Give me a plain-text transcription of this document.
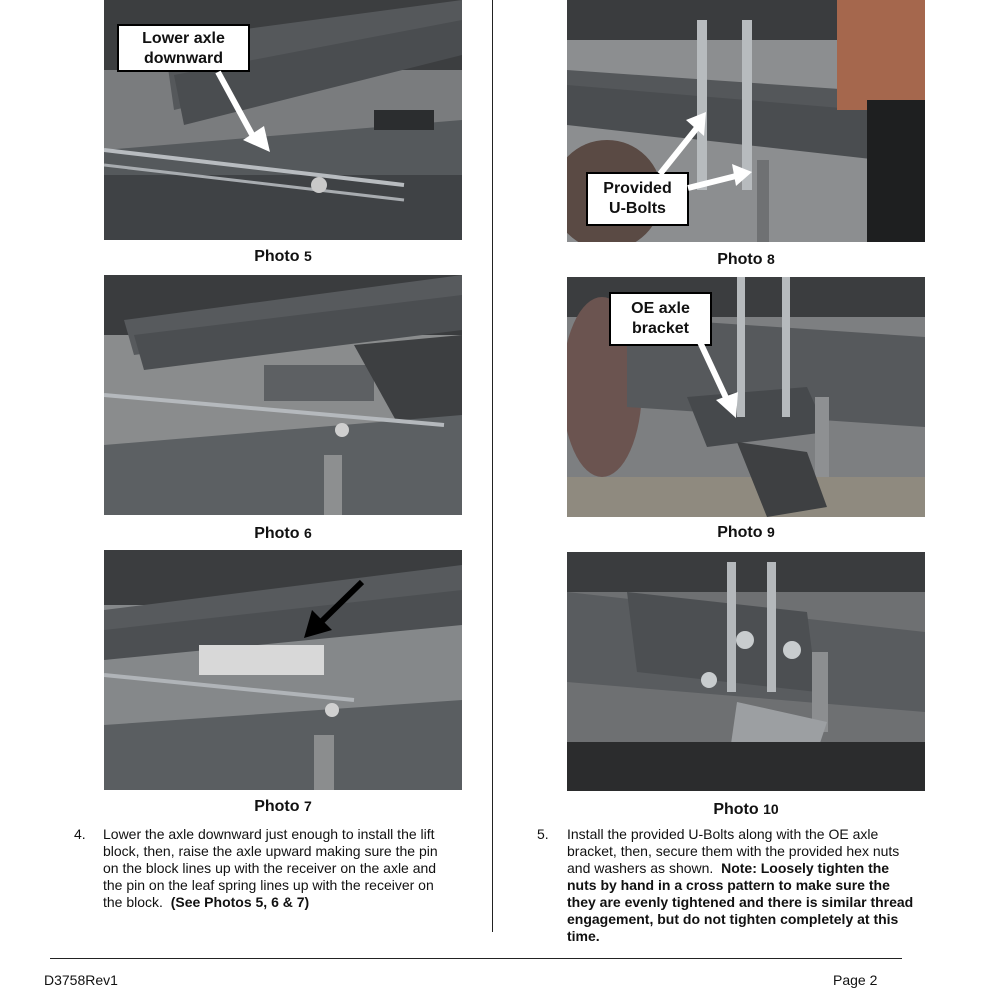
Lower axle
downward
Photo 5
Photo 6
Photo 7
4. Lower the axle downward just enough to install the lift
block, then, raise the axle upward making sure the pin
on the block lines up with the receiver on the axle and
the pin on the leaf spring lines up with the receiver on
the block. (See Photos 5, 6 & 7)
Provided
U-Bolts
Photo 8
OE axle
bracket
Photo 9
Photo 10
5. Install the provided U-Bolts along with the OE axle
bracket, then, secure them with the provided hex nuts
and washers as shown. Note: Loosely tighten the
nuts by hand in a cross pattern to make sure the
they are evenly tightened and there is similar thread
engagement, but do not tighten completely at this
time.
D3758Rev1	Page 2
